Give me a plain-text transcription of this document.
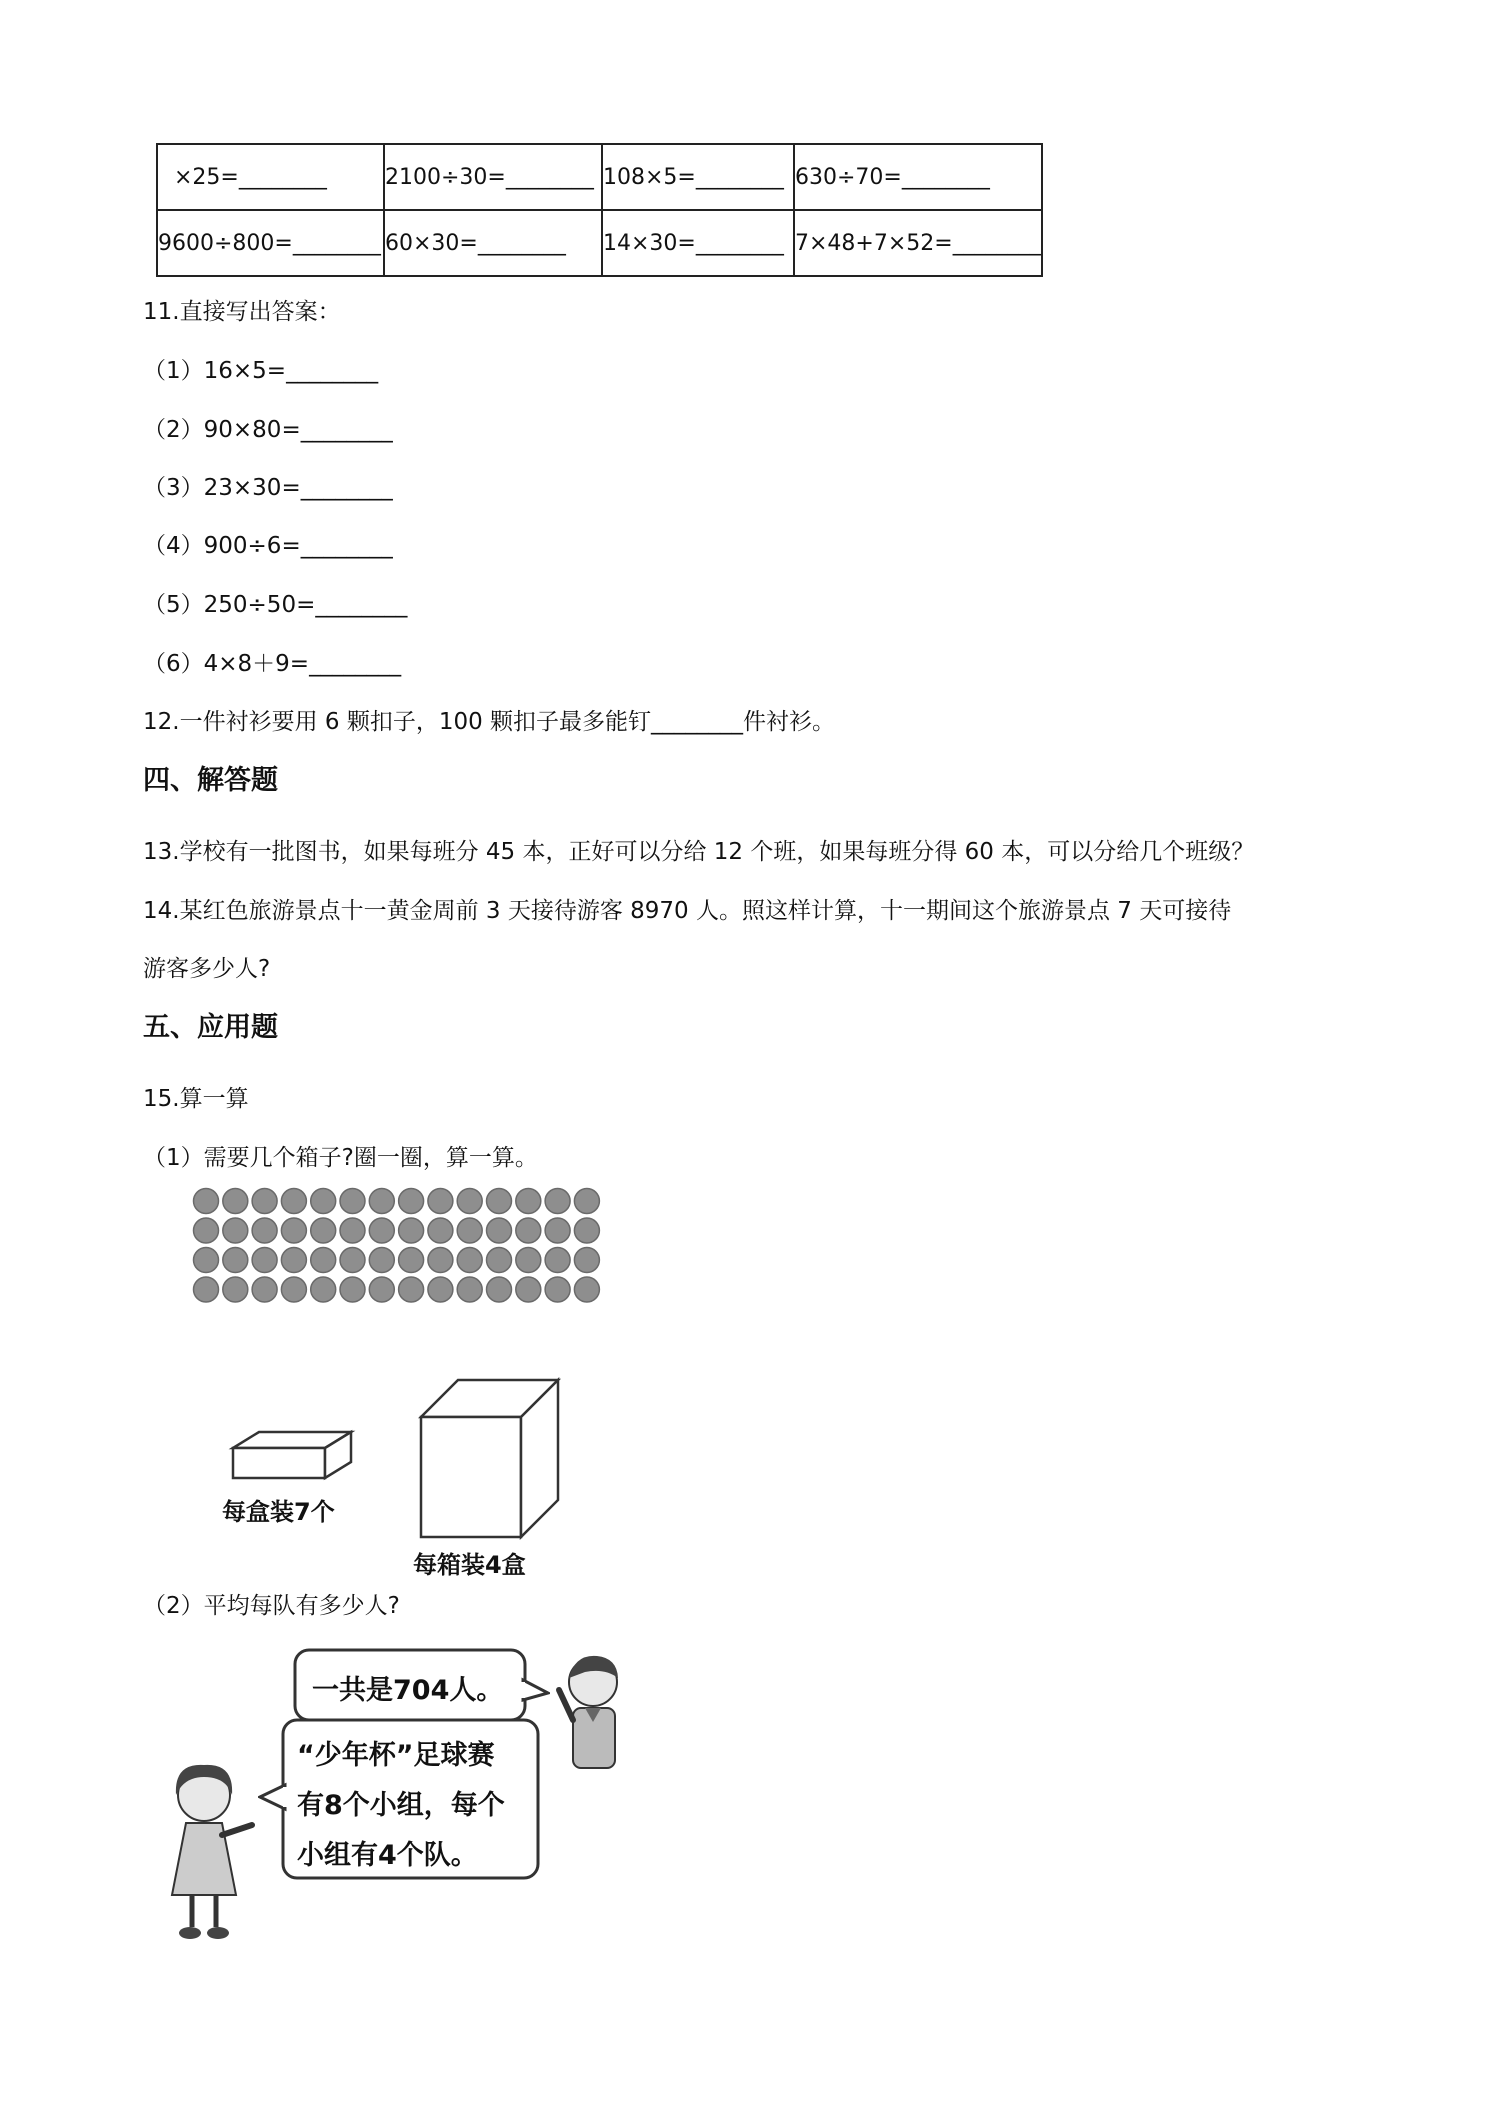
×25=________	2100÷30=________	108×5=________	630÷70=________
9600÷800=________	60×30=________	14×30=________	7×48+7×52=________
11.直接写出答案：
（1）16×5=________
（2）90×80=________
（3）23×30=________
（4）900÷6=________
（5）250÷50=________
（6）4×8＋9=________
12.一件衬衫要用 6 颗扣子，100 颗扣子最多能钉________件衬衫。
四、解答题
13.学校有一批图书，如果每班分 45 本，正好可以分给 12 个班，如果每班分得 60 本，可以分给几个班级？
14.某红色旅游景点十一黄金周前 3 天接待游客 8970 人。照这样计算，十一期间这个旅游景点 7 天可接待
游客多少人?
五、应用题
15.算一算
（1）需要几个箱子?圈一圈，算一算。
每盒装7个
每箱装4盒
（2）平均每队有多少人?
一共是704人。
“少年杯”足球赛
有8个小组，每个
小组有4个队。
